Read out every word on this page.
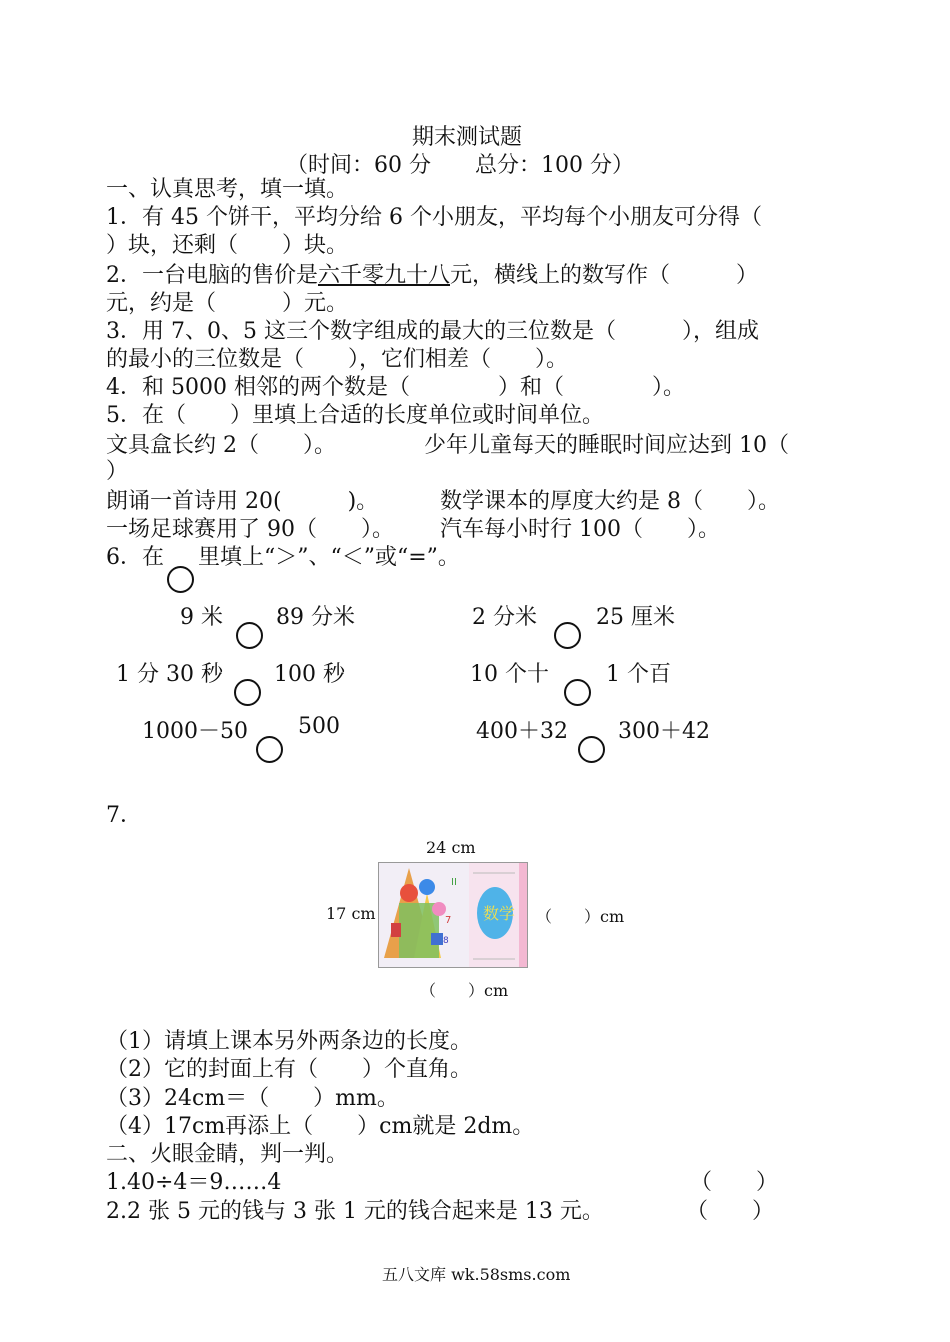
期末测试题
（时间：60 分　　总分：100 分）
一、认真思考，填一填。
1．有 45 个饼干，平均分给 6 个小朋友，平均每个小朋友可分得（
）块，还剩（　　）块。
2．一台电脑的售价是六千零九十八元，横线上的数写作（　　　）
元，约是（　　　）元。
3．用 7、0、5 这三个数字组成的最大的三位数是（　　　），组成
的最小的三位数是（　　），它们相差（　　）。
4．和 5000 相邻的两个数是（　　　　）和（　　　　）。
5．在（　　）里填上合适的长度单位或时间单位。
文具盒长约 2（　　）。	少年儿童每天的睡眠时间应达到 10（
）
朗诵一首诗用 20(　　　)。	数学课本的厚度大约是 8（　　）。
一场足球赛用了 90（　　）。 汽车每小时行 100（　　）。
6．在 里填上“＞”、“＜”或“=”。
9 米 89 分米	2 分米	25 厘米
1 分 30 秒 100 秒	10 个十	1 个百
1000－50 500	400＋32 300＋42
7．
24 cm
17 cm	（　　）cm
（　　）cm
7
II
8
数学
（1）请填上课本另外两条边的长度。
（2）它的封面上有（　　）个直角。
（3）24cm＝（　　）mm。
（4）17cm再添上（　　）cm就是 2dm。
二、火眼金睛，判一判。
1.40÷4＝9……4	（　　）
2.2 张 5 元的钱与 3 张 1 元的钱合起来是 13 元。	（　　）
五八文库 wk.58sms.com
